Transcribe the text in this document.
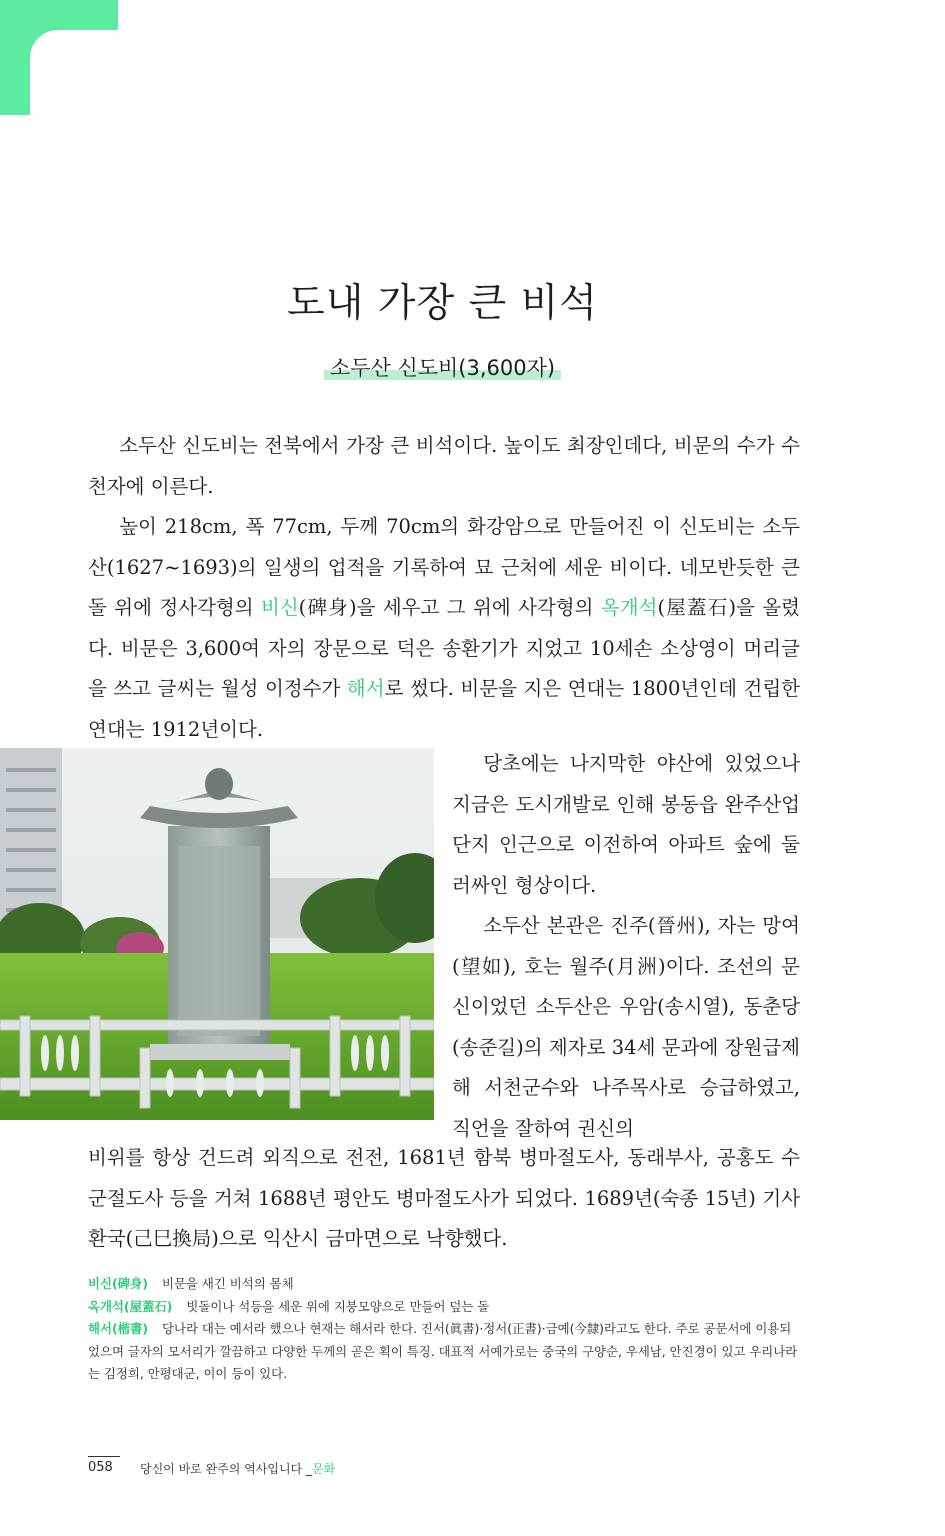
도내 가장 큰 비석
소두산 신도비(3,600자)

소두산 신도비는 전북에서 가장 큰 비석이다. 높이도 최장인데다, 비문의 수가 수천자에 이른다.

높이 218cm, 폭 77cm, 두께 70cm의 화강암으로 만들어진 이 신도비는 소두산(1627~1693)의 일생의 업적을 기록하여 묘 근처에 세운 비이다. 네모반듯한 큰 돌 위에 정사각형의 비신(碑身)을 세우고 그 위에 사각형의 옥개석(屋蓋石)을 올렸다. 비문은 3,600여 자의 장문으로 덕은 송환기가 지었고 10세손 소상영이 머리글을 쓰고 글씨는 월성 이정수가 해서로 썼다. 비문을 지은 연대는 1800년인데 건립한 연대는 1912년이다.

당초에는 나지막한 야산에 있었으나 지금은 도시개발로 인해 봉동읍 완주산업단지 인근으로 이전하여 아파트 숲에 둘러싸인 형상이다.

소두산 본관은 진주(晉州), 자는 망여(望如), 호는 월주(月洲)이다. 조선의 문신이었던 소두산은 우암(송시열), 동춘당(송준길)의 제자로 34세 문과에 장원급제해 서천군수와 나주목사로 승급하였고, 직언을 잘하여 권신의

비위를 항상 건드려 외직으로 전전, 1681년 함북 병마절도사, 동래부사, 공홍도 수군절도사 등을 거쳐 1688년 평안도 병마절도사가 되었다. 1689년(숙종 15년) 기사환국(己巳換局)으로 익산시 금마면으로 낙향했다.

비신(碑身) 비문을 새긴 비석의 몸체
옥개석(屋蓋石) 빗돌이나 석등을 세운 위에 지붕모양으로 만들어 덮는 돌
해서(楷書) 당나라 대는 예서라 했으나 현재는 해서라 한다. 진서(眞書)·정서(正書)·금예(今隸)라고도 한다. 주로 공문서에 이용되었으며 글자의 모서리가 깔끔하고 다양한 두께의 곧은 획이 특징. 대표적 서예가로는 중국의 구양순, 우세남, 안진경이 있고 우리나라는 김정희, 안평대군, 이이 등이 있다.
058	당신이 바로 완주의 역사입니다 _문화
